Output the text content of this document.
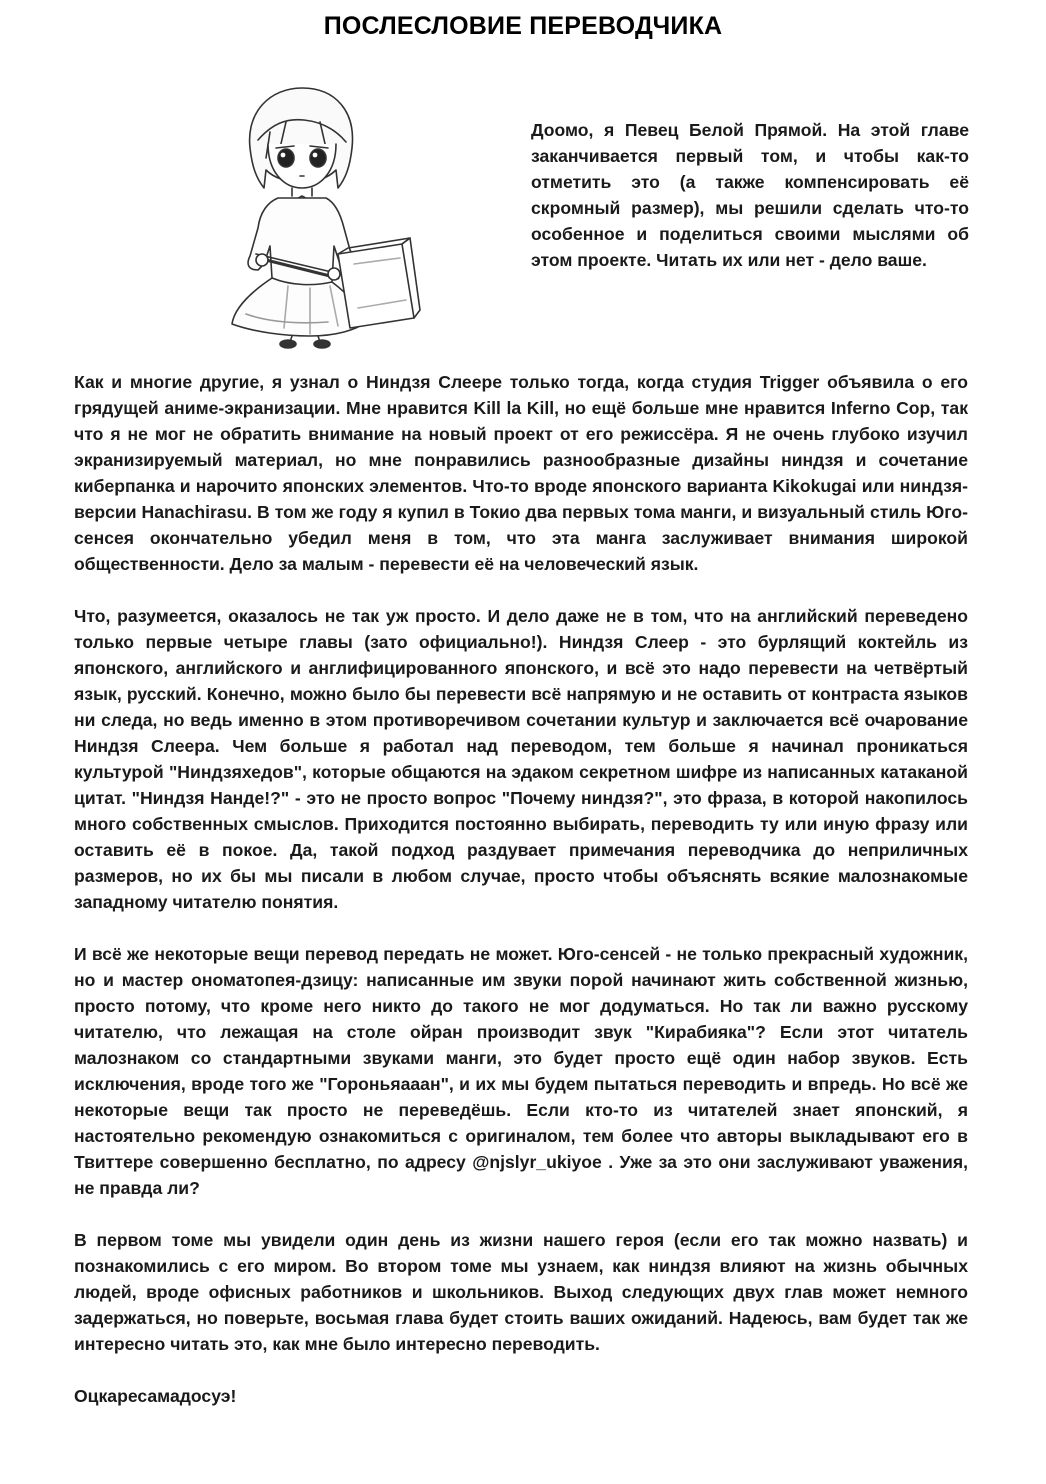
ПОСЛЕСЛОВИЕ ПЕРЕВОДЧИКА

Доомо, я Певец Белой Прямой. На этой главе заканчивается первый том, и чтобы как-то отметить это (а также компенсировать её скромный размер), мы решили сделать что-то особенное и поделиться своими мыслями об этом проекте. Читать их или нет - дело ваше.

Как и многие другие, я узнал о Ниндзя Слеере только тогда, когда студия Trigger объявила о его грядущей аниме-экранизации. Мне нравится Kill la Kill, но ещё больше мне нравится Inferno Cop, так что я не мог не обратить внимание на новый проект от его режиссёра. Я не очень глубоко изучил экранизируемый материал, но мне понравились разнообразные дизайны ниндзя и сочетание киберпанка и нарочито японских элементов. Что-то вроде японского варианта Kikokugai или ниндзя-версии Hanachirasu. В том же году я купил в Токио два первых тома манги, и визуальный стиль Юго-сенсея окончательно убедил меня в том, что эта манга заслуживает внимания широкой общественности. Дело за малым - перевести её на человеческий язык.

Что, разумеется, оказалось не так уж просто. И дело даже не в том, что на английский переведено только первые четыре главы (зато официально!). Ниндзя Слеер - это бурлящий коктейль из японского, английского и англифицированного японского, и всё это надо перевести на четвёртый язык, русский. Конечно, можно было бы перевести всё напрямую и не оставить от контраста языков ни следа, но ведь именно в этом противоречивом сочетании культур и заключается всё очарование Ниндзя Слеера. Чем больше я работал над переводом, тем больше я начинал проникаться культурой "Ниндзяхедов", которые общаются на эдаком секретном шифре из написанных катаканой цитат. "Ниндзя Нанде!?" - это не просто вопрос "Почему ниндзя?", это фраза, в которой накопилось много собственных смыслов. Приходится постоянно выбирать, переводить ту или иную фразу или оставить её в покое. Да, такой подход раздувает примечания переводчика до неприличных размеров, но их бы мы писали в любом случае, просто чтобы объяснять всякие малознакомые западному читателю понятия.

И всё же некоторые вещи перевод передать не может. Юго-сенсей - не только прекрасный художник, но и мастер ономатопея-дзицу: написанные им звуки порой начинают жить собственной жизнью, просто потому, что кроме него никто до такого не мог додуматься. Но так ли важно русскому читателю, что лежащая на столе ойран производит звук "Кирабияка"? Если этот читатель малознаком со стандартными звуками манги, это будет просто ещё один набор звуков. Есть исключения, вроде того же "Гороньяааан", и их мы будем пытаться переводить и впредь. Но всё же некоторые вещи так просто не переведёшь. Если кто-то из читателей знает японский, я настоятельно рекомендую ознакомиться с оригиналом, тем более что авторы выкладывают его в Твиттере совершенно бесплатно, по адресу @njslyr_ukiyoe . Уже за это они заслуживают уважения, не правда ли?

В первом томе мы увидели один день из жизни нашего героя (если его так можно назвать) и познакомились с его миром. Во втором томе мы узнаем, как ниндзя влияют на жизнь обычных людей, вроде офисных работников и школьников. Выход следующих двух глав может немного задержаться, но поверьте, восьмая глава будет стоить ваших ожиданий. Надеюсь, вам будет так же интересно читать это, как мне было интересно переводить.

Оцкаресамадосуэ!
